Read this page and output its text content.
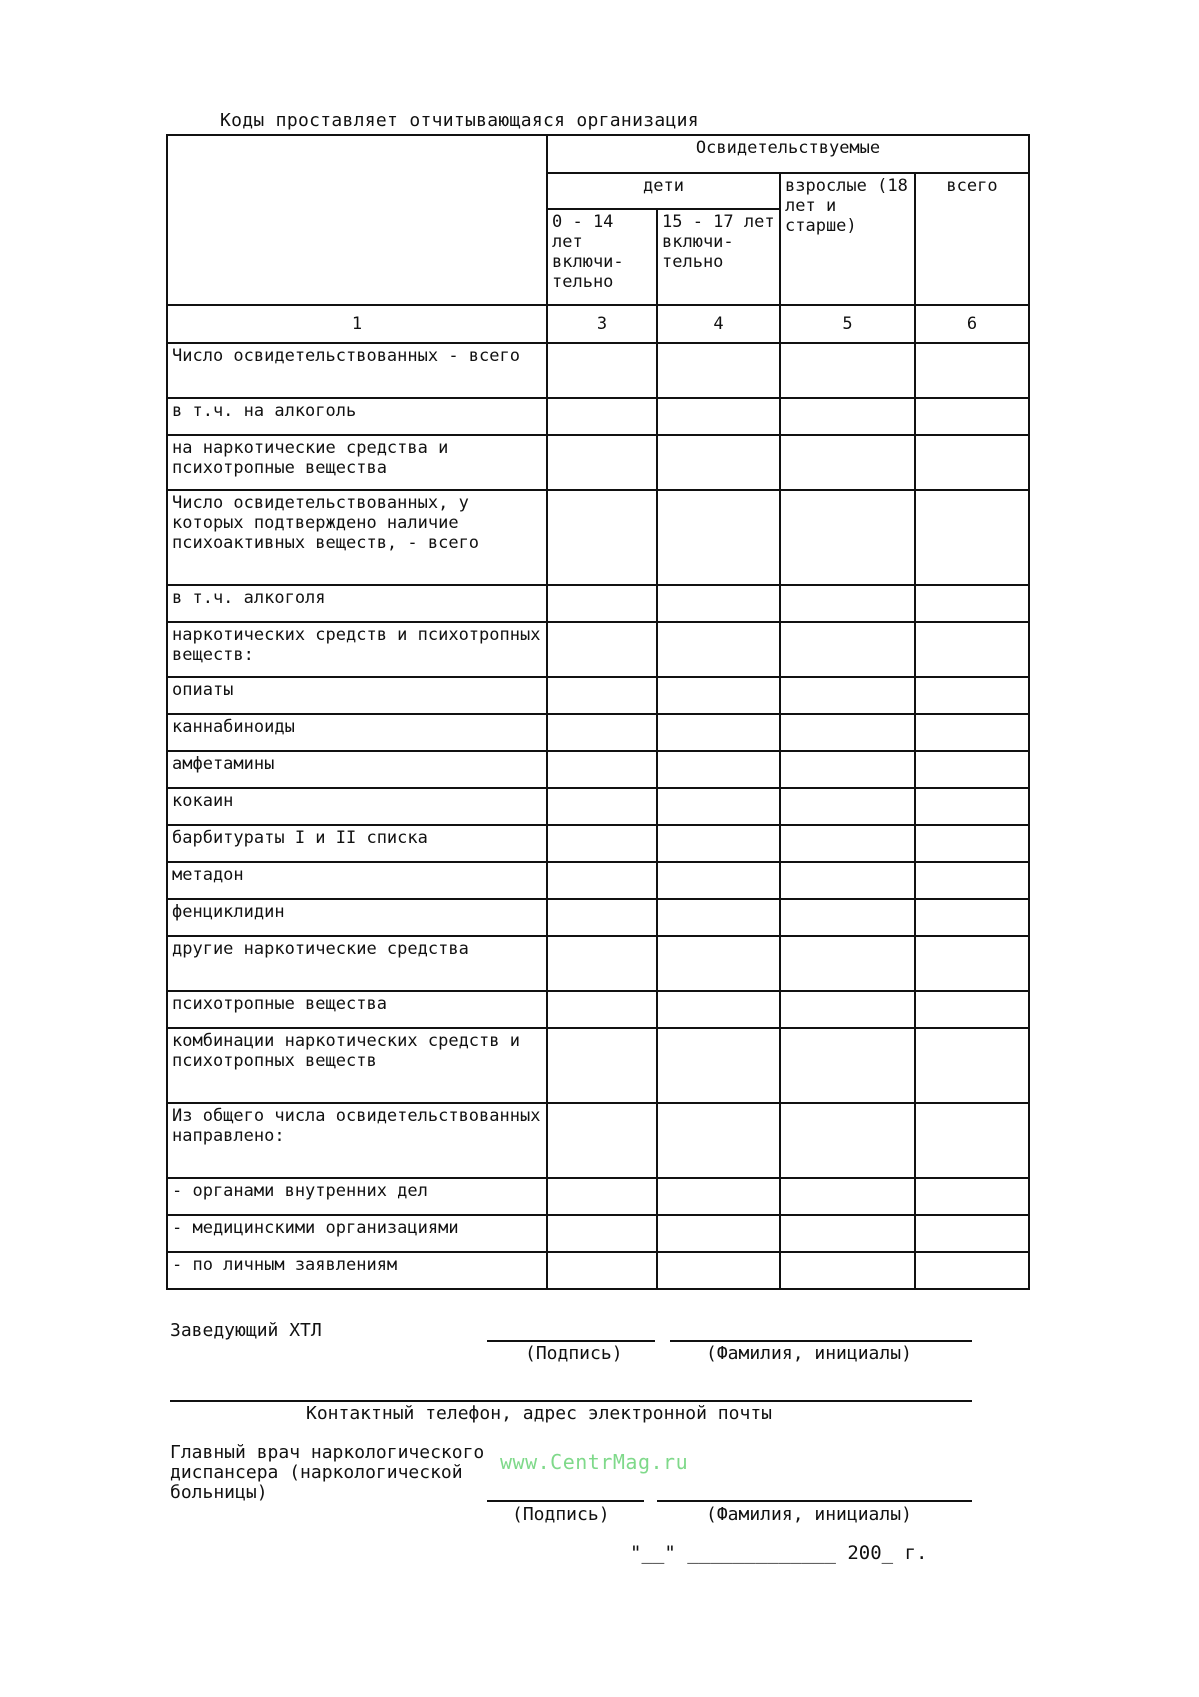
Коды проставляет отчитывающаяся организация
	Освидетельствуемые			
	дети		взрослые (18 лет и старше)	всего
	0 - 14 лет включи- тельно	15 - 17 лет включи- тельно		
1	3	4	5	6
Число освидетельствованных - всего				
в т.ч. на алкоголь				
на наркотические средства и психотропные вещества				
Число освидетельствованных, у которых подтверждено наличие психоактивных веществ, - всего				
в т.ч. алкоголя				
наркотических средств и психотропных веществ:				
опиаты				
каннабиноиды				
амфетамины				
кокаин				
барбитураты I и II списка				
метадон				
фенциклидин				
другие наркотические средства				
психотропные вещества				
комбинации наркотических средств и психотропных веществ				
Из общего числа освидетельствованных направлено:				
- органами внутренних дел				
- медицинскими организациями				
- по личным заявлениям				
Заведующий ХТЛ
(Подпись)	(Фамилия, инициалы)
Контактный телефон, адрес электронной почты
Главный врач наркологического диспансера (наркологической больницы)
(Подпись)	(Фамилия, инициалы)
www.CentrMag.ru
"__" _____________ 200_ г.
